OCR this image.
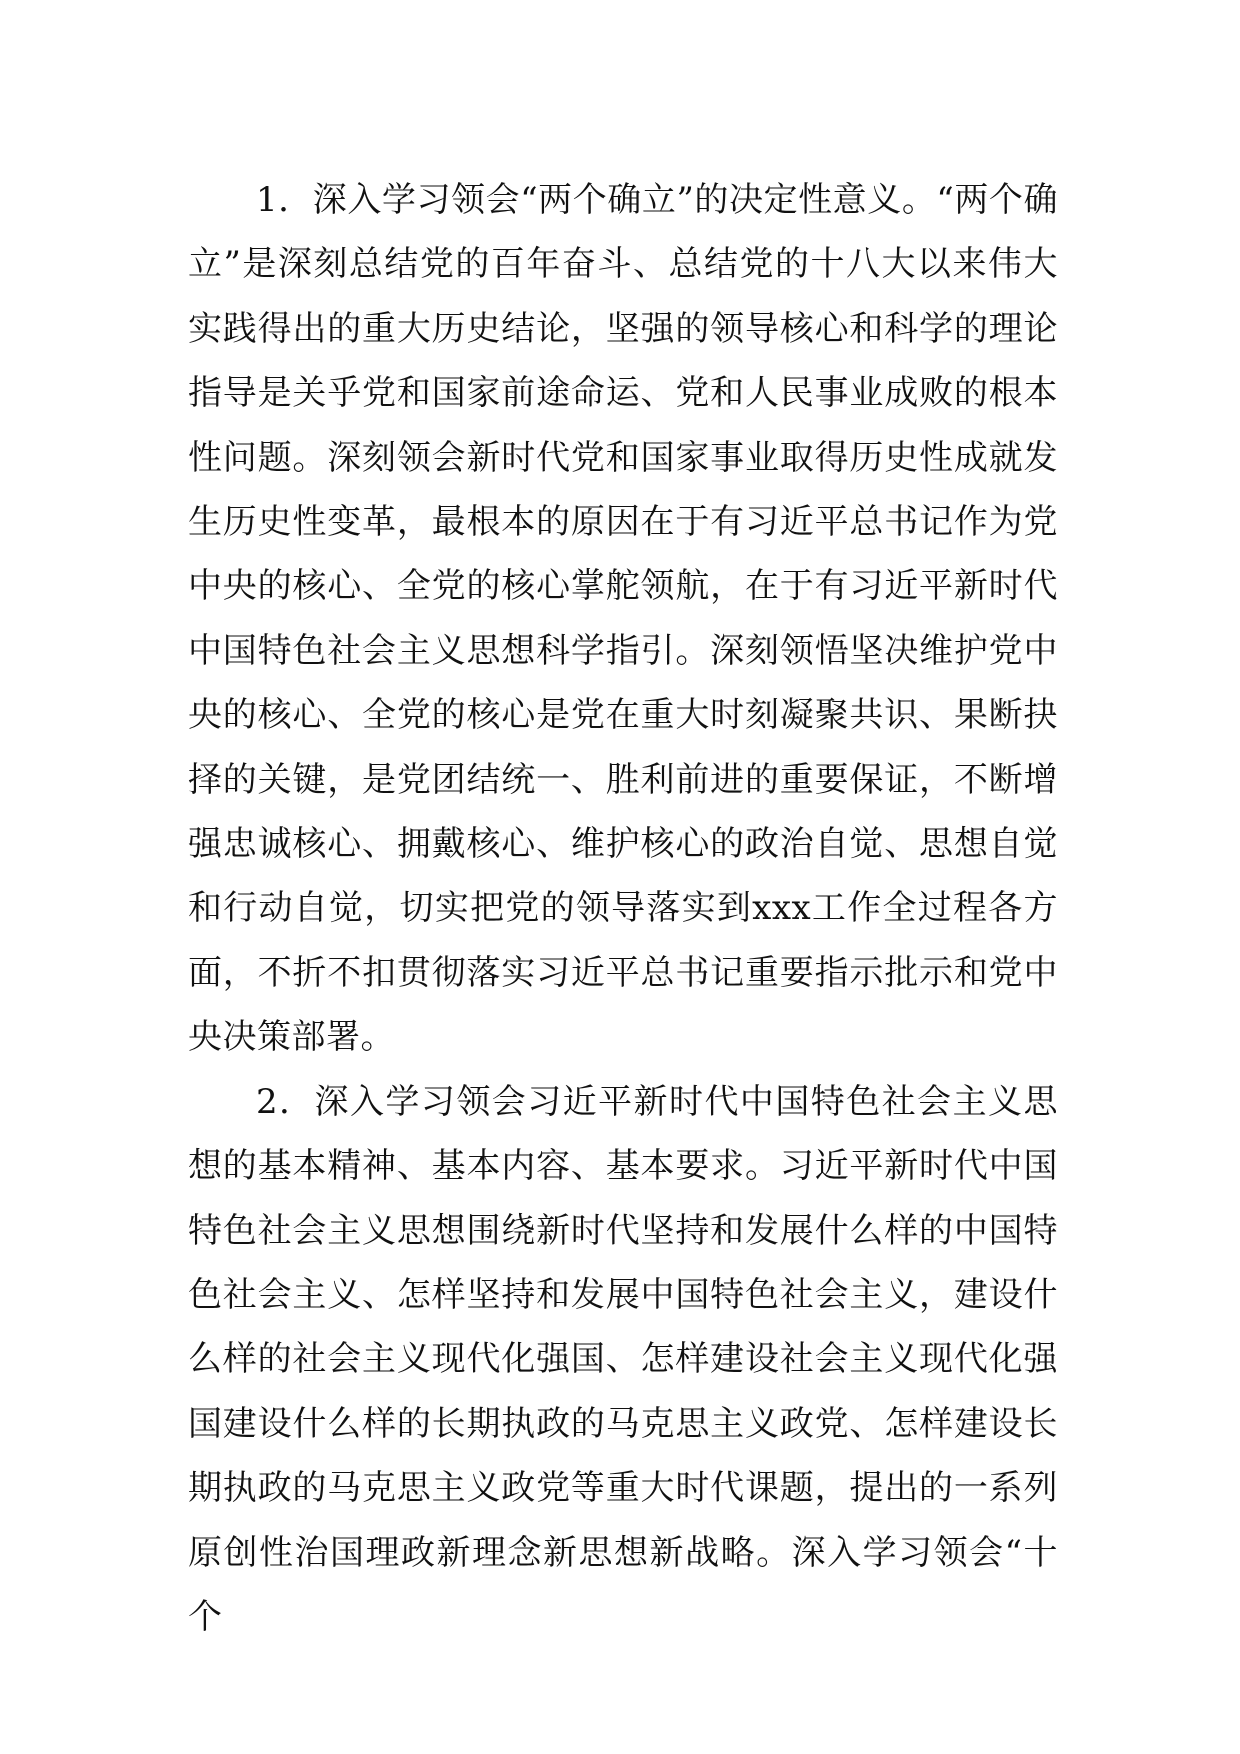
1．深入学习领会“两个确立”的决定性意义。“两个确立”是深刻总结党的百年奋斗、总结党的十八大以来伟大实践得出的重大历史结论，坚强的领导核心和科学的理论指导是关乎党和国家前途命运、党和人民事业成败的根本性问题。深刻领会新时代党和国家事业取得历史性成就发生历史性变革，最根本的原因在于有习近平总书记作为党中央的核心、全党的核心掌舵领航，在于有习近平新时代中国特色社会主义思想科学指引。深刻领悟坚决维护党中央的核心、全党的核心是党在重大时刻凝聚共识、果断抉择的关键，是党团结统一、胜利前进的重要保证，不断增强忠诚核心、拥戴核心、维护核心的政治自觉、思想自觉和行动自觉，切实把党的领导落实到xxx工作全过程各方面，不折不扣贯彻落实习近平总书记重要指示批示和党中央决策部署。

2．深入学习领会习近平新时代中国特色社会主义思想的基本精神、基本内容、基本要求。习近平新时代中国特色社会主义思想围绕新时代坚持和发展什么样的中国特色社会主义、怎样坚持和发展中国特色社会主义，建设什么样的社会主义现代化强国、怎样建设社会主义现代化强国建设什么样的长期执政的马克思主义政党、怎样建设长期执政的马克思主义政党等重大时代课题，提出的一系列原创性治国理政新理念新思想新战略。深入学习领会“十个
